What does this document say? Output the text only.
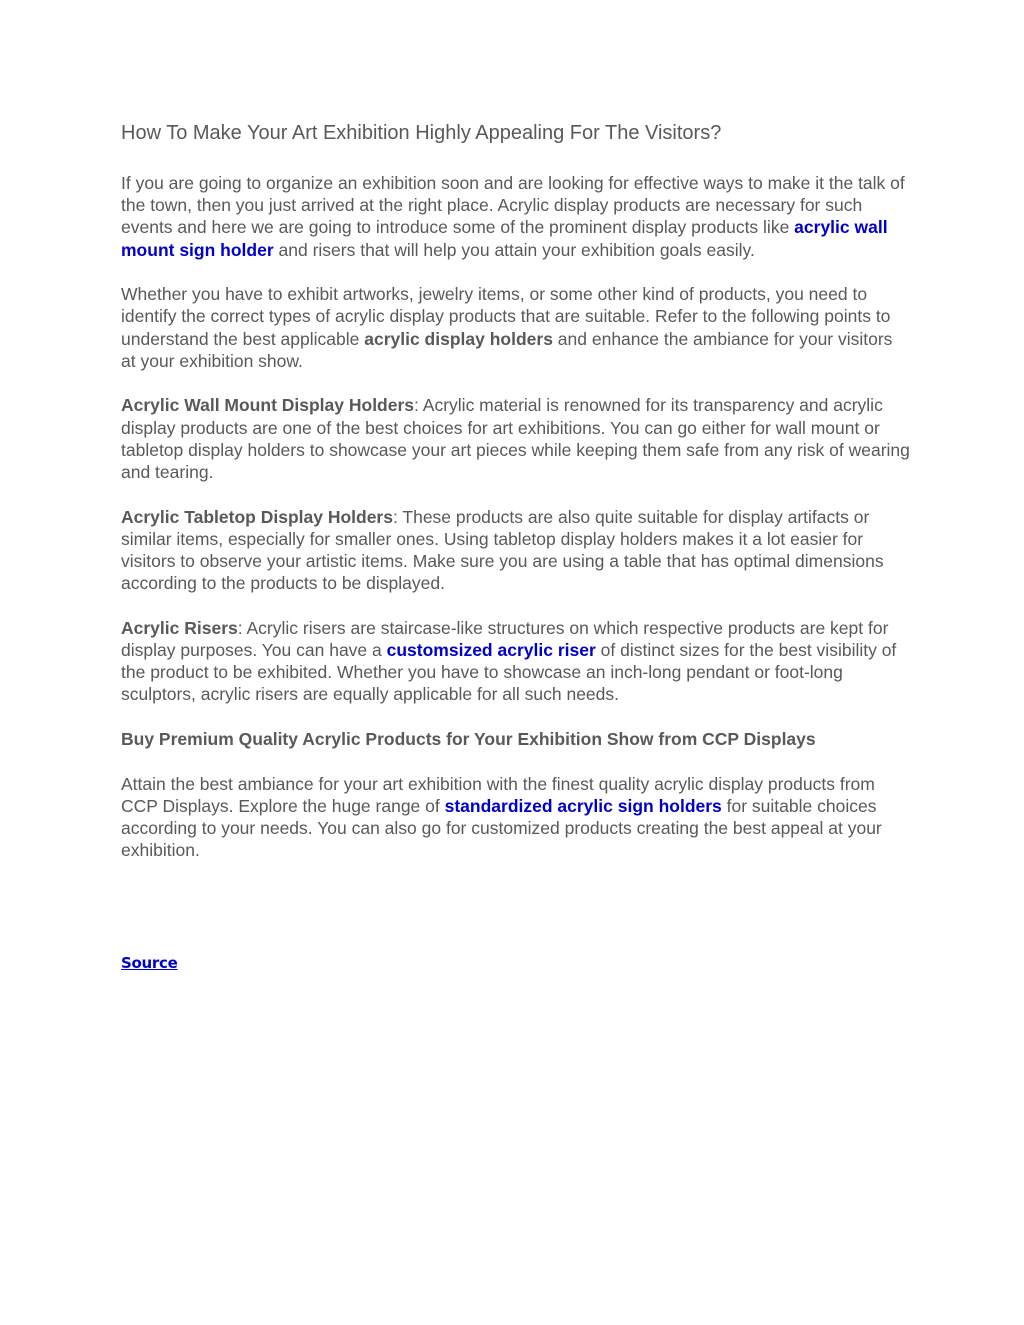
How To Make Your Art Exhibition Highly Appealing For The Visitors?

If you are going to organize an exhibition soon and are looking for effective ways to make it the talk of the town, then you just arrived at the right place. Acrylic display products are necessary for such events and here we are going to introduce some of the prominent display products like acrylic wall mount sign holder and risers that will help you attain your exhibition goals easily.

Whether you have to exhibit artworks, jewelry items, or some other kind of products, you need to identify the correct types of acrylic display products that are suitable. Refer to the following points to understand the best applicable acrylic display holders and enhance the ambiance for your visitors at your exhibition show.

Acrylic Wall Mount Display Holders: Acrylic material is renowned for its transparency and acrylic display products are one of the best choices for art exhibitions. You can go either for wall mount or tabletop display holders to showcase your art pieces while keeping them safe from any risk of wearing and tearing.

Acrylic Tabletop Display Holders: These products are also quite suitable for display artifacts or similar items, especially for smaller ones. Using tabletop display holders makes it a lot easier for visitors to observe your artistic items. Make sure you are using a table that has optimal dimensions according to the products to be displayed.

Acrylic Risers: Acrylic risers are staircase-like structures on which respective products are kept for display purposes. You can have a customsized acrylic riser of distinct sizes for the best visibility of the product to be exhibited. Whether you have to showcase an inch-long pendant or foot-long sculptors, acrylic risers are equally applicable for all such needs.

Buy Premium Quality Acrylic Products for Your Exhibition Show from CCP Displays

Attain the best ambiance for your art exhibition with the finest quality acrylic display products from CCP Displays. Explore the huge range of standardized acrylic sign holders for suitable choices according to your needs. You can also go for customized products creating the best appeal at your exhibition.

Source
